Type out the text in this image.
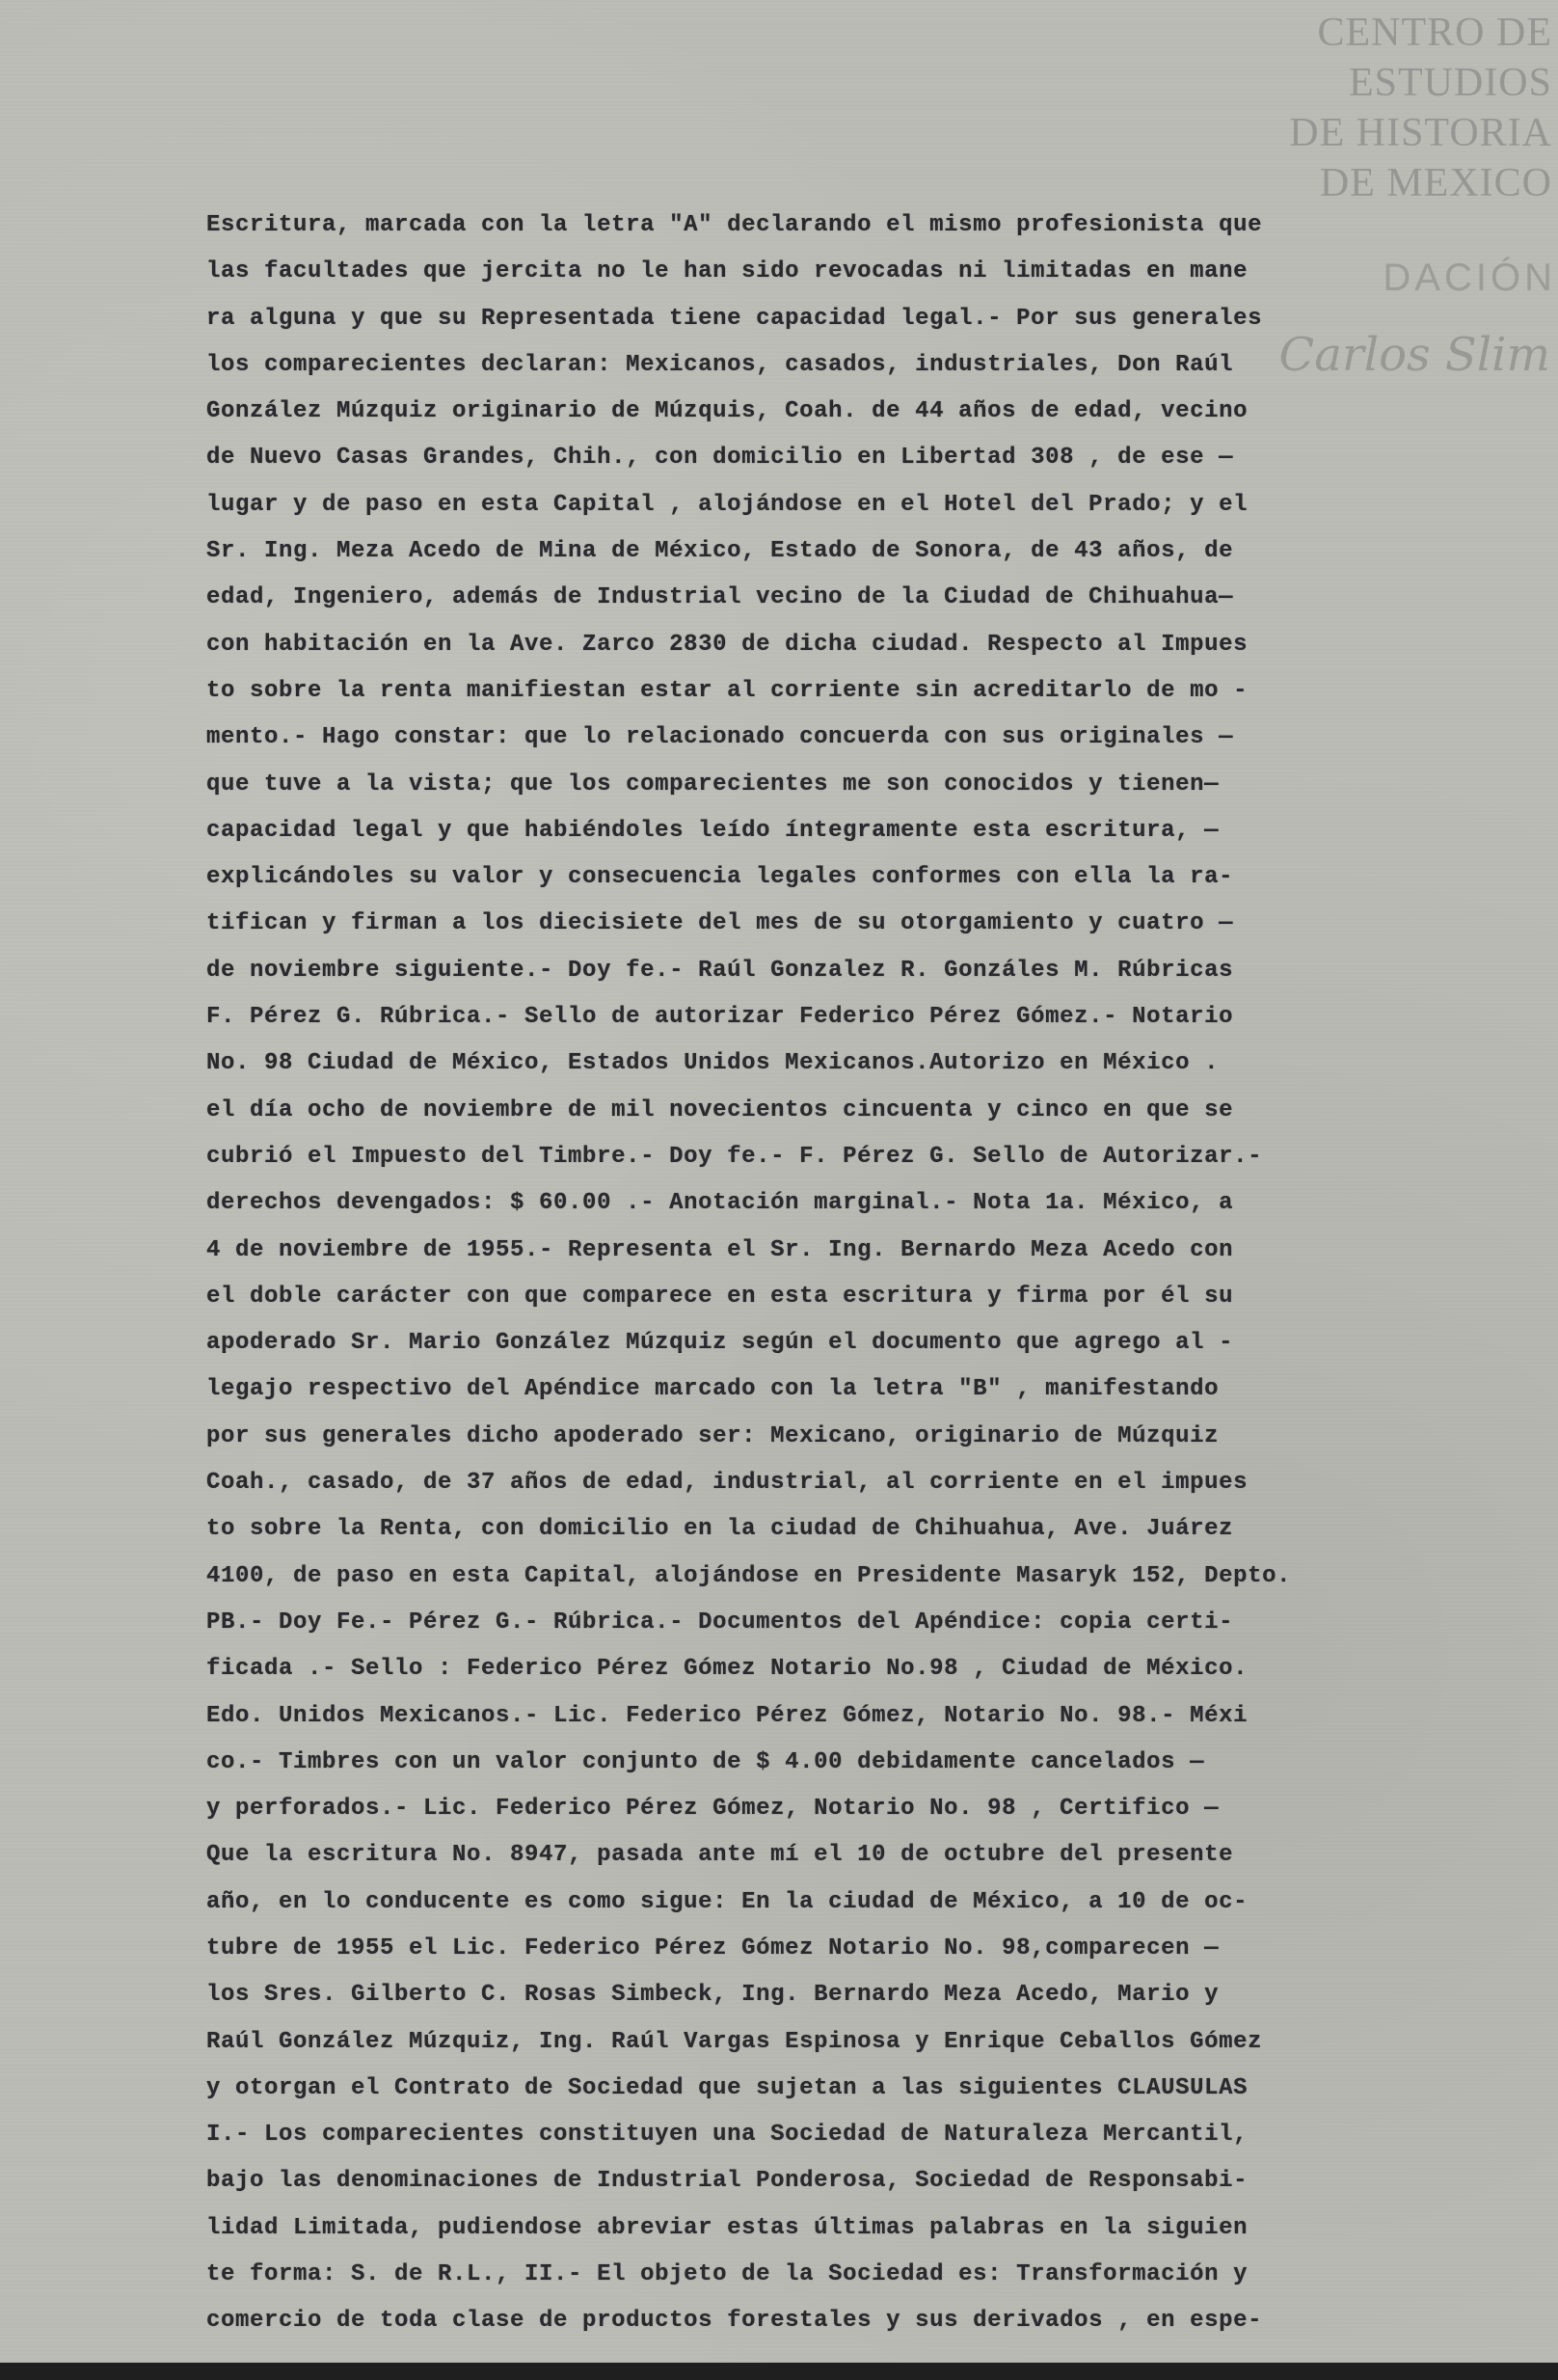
CENTRO DE
ESTUDIOS
DE HISTORIA
DE MEXICO
DACIÓN
Carlos Slim
Escritura, marcada con la letra "A" declarando el mismo profesionista que
las facultades que jercita no le han sido revocadas ni limitadas en mane
ra alguna y que su Representada tiene capacidad legal.- Por sus generales
los comparecientes declaran: Mexicanos, casados, industriales, Don Raúl
González Múzquiz originario de Múzquis, Coah. de 44 años de edad, vecino
de Nuevo Casas Grandes, Chih., con domicilio en Libertad 308 , de ese —
lugar y de paso en esta Capital , alojándose en el Hotel del Prado; y el
Sr. Ing. Meza Acedo de Mina de México, Estado de Sonora, de 43 años, de
edad, Ingeniero, además de Industrial vecino de la Ciudad de Chihuahua—
con habitación en la Ave. Zarco 2830 de dicha ciudad. Respecto al Impues
to sobre la renta manifiestan estar al corriente sin acreditarlo de mo -
mento.- Hago constar: que lo relacionado concuerda con sus originales —
que tuve a la vista; que los comparecientes me son conocidos y tienen—
capacidad legal y que habiéndoles leído íntegramente esta escritura, —
explicándoles su valor y consecuencia legales conformes con ella la ra-
tifican y firman a los diecisiete del mes de su otorgamiento y cuatro —
de noviembre siguiente.- Doy fe.- Raúl Gonzalez R. Gonzáles M. Rúbricas
F. Pérez G. Rúbrica.- Sello de autorizar Federico Pérez Gómez.- Notario
No. 98 Ciudad de México, Estados Unidos Mexicanos.Autorizo en México .
el día ocho de noviembre de mil novecientos cincuenta y cinco en que se
cubrió el Impuesto del Timbre.- Doy fe.- F. Pérez G. Sello de Autorizar.-
derechos devengados: $ 60.00 .- Anotación marginal.- Nota 1a. México, a
4 de noviembre de 1955.- Representa el Sr. Ing. Bernardo Meza Acedo con
el doble carácter con que comparece en esta escritura y firma por él su
apoderado Sr. Mario González Múzquiz según el documento que agrego al -
legajo respectivo del Apéndice marcado con la letra "B" , manifestando
por sus generales dicho apoderado ser: Mexicano, originario de Múzquiz
Coah., casado, de 37 años de edad, industrial, al corriente en el impues
to sobre la Renta, con domicilio en la ciudad de Chihuahua, Ave. Juárez
4100, de paso en esta Capital, alojándose en Presidente Masaryk 152, Depto.
PB.- Doy Fe.- Pérez G.- Rúbrica.- Documentos del Apéndice: copia certi-
ficada .- Sello : Federico Pérez Gómez Notario No.98 , Ciudad de México.
Edo. Unidos Mexicanos.- Lic. Federico Pérez Gómez, Notario No. 98.- Méxi
co.- Timbres con un valor conjunto de $ 4.00 debidamente cancelados —
y perforados.- Lic. Federico Pérez Gómez, Notario No. 98 , Certifico —
Que la escritura No. 8947, pasada ante mí el 10 de octubre del presente
año, en lo conducente es como sigue: En la ciudad de México, a 10 de oc-
tubre de 1955 el Lic. Federico Pérez Gómez Notario No. 98,comparecen —
los Sres. Gilberto C. Rosas Simbeck, Ing. Bernardo Meza Acedo, Mario y
Raúl González Múzquiz, Ing. Raúl Vargas Espinosa y Enrique Ceballos Gómez
y otorgan el Contrato de Sociedad que sujetan a las siguientes CLAUSULAS
I.- Los comparecientes constituyen una Sociedad de Naturaleza Mercantil,
bajo las denominaciones de Industrial Ponderosa, Sociedad de Responsabi-
lidad Limitada, pudiendose abreviar estas últimas palabras en la siguien
te forma: S. de R.L., II.- El objeto de la Sociedad es: Transformación y
comercio de toda clase de productos forestales y sus derivados , en espe-
